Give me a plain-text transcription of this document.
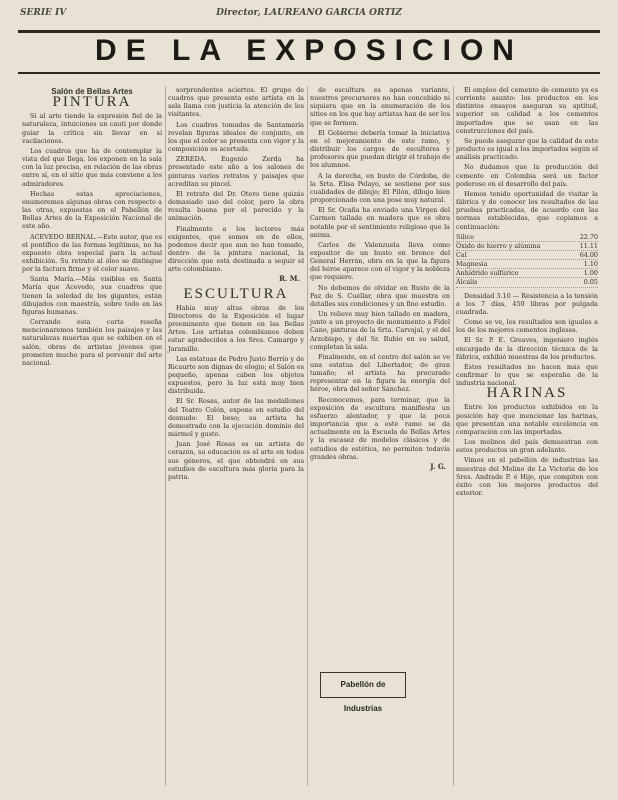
SERIE IV	Director, LAUREANO GARCIA ORTIZ
DE LA EXPOSICION
Salón de Bellas Artes
PINTURA

Si al arte tiende la expresión fiel de la naturaleza, intuiciones un cauti por donde guiar la crítica sin llevar en sí vacilaciones.

Los cuadros que ha de contemplar la vista del que llega, los exponen en la sala con la luz precisa, en relación de las obras entre sí, en el sitio que más conviene a los admiradores.

Hechas estas apreciaciones, enumeremos algunas obras con respecto a las otras, expuestas en el Pabellón de Bellas Artes de la Exposición Nacional de este año.

ACEVEDO BERNAL.—Este autor, que es el pontífice de las formas legítimas, no ha expuesto obra especial para la actual exhibición. Su retrato al óleo se distingue por la factura firme y el color suave.

Santa María.—Más visibles en Santa María que Acevedo, sus cuadros que tienen la soledad de los gigantes, están dibujados con maestría, sobre todo en las figuras humanas.

Cerrando esta corta reseña mencionaremos también los paisajes y las naturalezas muertas que se exhiben en el salón, obras de artistas jóvenes que prometen mucho para el porvenir del arte nacional.

sorprendentes aciertos. El grupo de cuadros que presenta este artista en la sala llama con justicia la atención de los visitantes.

Los cuadros tomados de Santamaría revelan figuras ideales de conjunto, en los que el color se presenta con vigor y la composición es acertada.

ZEREDA. Eugenio Zerda ha presentado este año a los salones de pinturas varios retratos y paisajes que acreditan su pincel.

El retrato del Dr. Otero tiene quizás demasiado uso del color, pero la obra resulta buena por el parecido y la animación.

Finalmente a los lectores más exigentes, que somos en de ellos, podemos decir que aun no han tomado, dentro de la pintura nacional, la dirección que está destinada a seguir el arte colombiano.

R. M.
ESCULTURA

Había muy altas obras de los Directores de la Exposición el lugar preeminente que tienen en las Bellas Artes. Los artistas colombianos deben estar agradecidos a los Sres. Camargo y Jaramillo.

Las estatuas de Pedro Justo Berrío y de Ricaurte son dignas de elogio; el Salón es pequeño, apenas caben los objetos expuestos, pero la luz está muy bien distribuida.

El Sr. Rosas, autor de las medallones del Teatro Colón, expone en estudio del desnudo: El beso; su artista ha demostrado con la ejecución dominio del mármol y gusto.

Juan José Rosas es un artista de corazón, su educación es el arte en todos sus géneros, el que obtendrá en sus estudios de escultura más gloria para la patria.

de escultura es apenas variante, nuestros precursores no han concebido ni siquiera que en la enumeración de los sitios en los que hay artistas han de ser los que se formen.

El Gobierno debería tomar la iniciativa en el mejoramiento de este ramo, y distribuir los cargos de escultores y profesores que puedan dirigir el trabajo de los alumnos.

A la derecha, en busto de Córdoba, de la Srta. Elisa Pelayo, se sostiene por sus cualidades de dibujo; El Pilón, dibujo bien proporcionado con una pose muy natural.

El Sr. Ocaña ha enviado una Virgen del Carmen tallada en madera que es obra notable por el sentimiento religioso que la anima.

Carlos de Valenzuela lleva como expositor de un busto en bronce del General Herrán, obra en la que la figura del héroe aparece con el vigor y la nobleza que requiere.

No debemos de olvidar en Busto de la Paz de S. Cuéllar, obra que muestra en detalles sus condiciones y un fino estudio.

Un relieve muy bien tallado en madera, junto a un proyecto de monumento a Fidel Cano, pinturas de la Srta. Carvajal, y el del Arzobispo, y del Sr. Rubio en su salud, completan la sala.

Finalmente, en el centro del salón se ve una estatua del Libertador, de gran tamaño; el artista ha procurado representar en la figura la energía del héroe, obra del señor Sánchez.

Reconocemos, para terminar, que la exposición de escultura manifiesta un esfuerzo alentador, y que la poca importancia que a este ramo se da actualmente en la Escuela de Bellas Artes y la escasez de modelos clásicos y de estudios de estética, no permiten todavía grandes obras.

J. G.
Pabellón de Industrias

El empleo del cemento de cemento ya es corriente asunto: los productos en los distintos ensayos aseguran su aptitud, superior en calidad a los cementos importados que se usan en las construcciones del país.

Se puede asegurar que la calidad de este producto es igual a los importados según el análisis practicado.

No dudamos que la producción del cemento en Colombia será un factor poderoso en el desarrollo del país.

Hemos tenido oportunidad de visitar la fábrica y de conocer los resultados de las pruebas practicadas, de acuerdo con las normas establecidas, que copiamos a continuación:

Sílice	22.70
Óxido de hierro y alúmina	11.11
Cal	64.00
Magnesia	1.10
Anhídrido sulfúrico	1.00
Álcalis	0.05

Densidad 3.10 — Resistencia a la tensión a los 7 días, 450 libras por pulgada cuadrada.

Como se ve, los resultados son iguales a los de los mejores cementos ingleses.

El Sr. P. E. Greaves, ingeniero inglés encargado de la dirección técnica de la fábrica, exhibió muestras de los productos.

Estos resultados no hacen más que confirmar lo que se esperaba de la industria nacional.

HARINAS

Entre los productos exhibidos en la posición hay que mencionar las harinas, que presentan una notable excelencia en comparación con las importadas.

Los molinos del país demuestran con estos productos un gran adelanto.

Vimos en el pabellón de industrias las muestras del Molino de La Victoria de los Sres. Andrade P. é Hijo, que compiten con éxito con los mejores productos del exterior.
